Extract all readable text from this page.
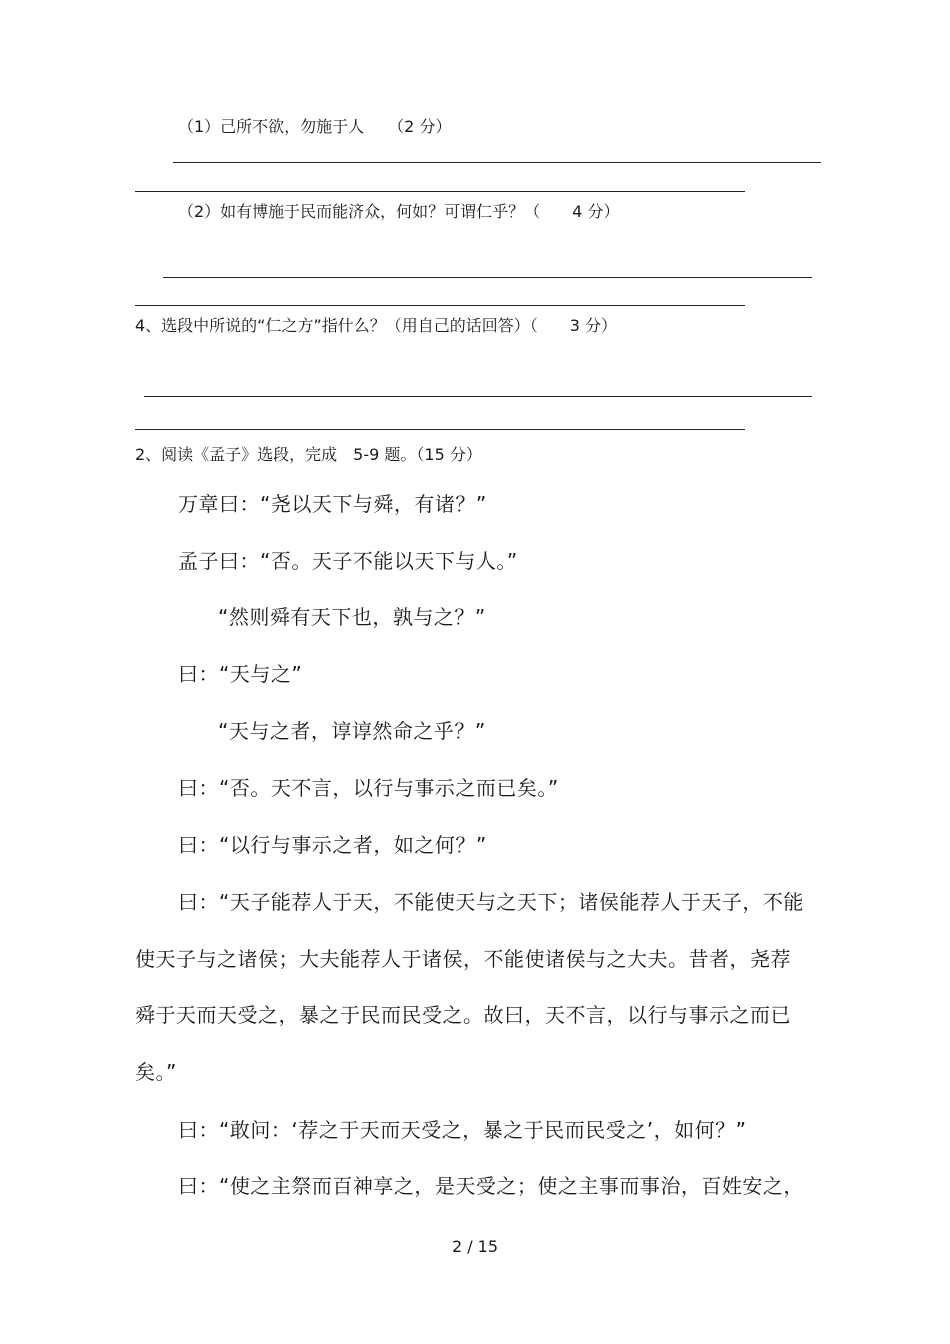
（1）己所不欲，勿施于人　　（2 分）
（2）如有博施于民而能济众，何如？可谓仁乎？（　　4 分）
4、选段中所说的“仁之方”指什么？（用自己的话回答）（　　3 分）
2、阅读《孟子》选段，完成　5-9 题。（15 分）
万章曰：“尧以天下与舜，有诸？”
孟子曰：“否。天子不能以天下与人。”
“然则舜有天下也，孰与之？”
曰：“天与之”
“天与之者，谆谆然命之乎？”
曰：“否。天不言，以行与事示之而已矣。”
曰：“以行与事示之者，如之何？”
曰：“天子能荐人于天，不能使天与之天下；诸侯能荐人于天子，不能
使天子与之诸侯；大夫能荐人于诸侯，不能使诸侯与之大夫。昔者，尧荐
舜于天而天受之，暴之于民而民受之。故曰，天不言，以行与事示之而已
矣。”
曰：“敢问：‘荐之于天而天受之，暴之于民而民受之’，如何？”
曰：“使之主祭而百神享之，是天受之；使之主事而事治，百姓安之，
2 / 15
